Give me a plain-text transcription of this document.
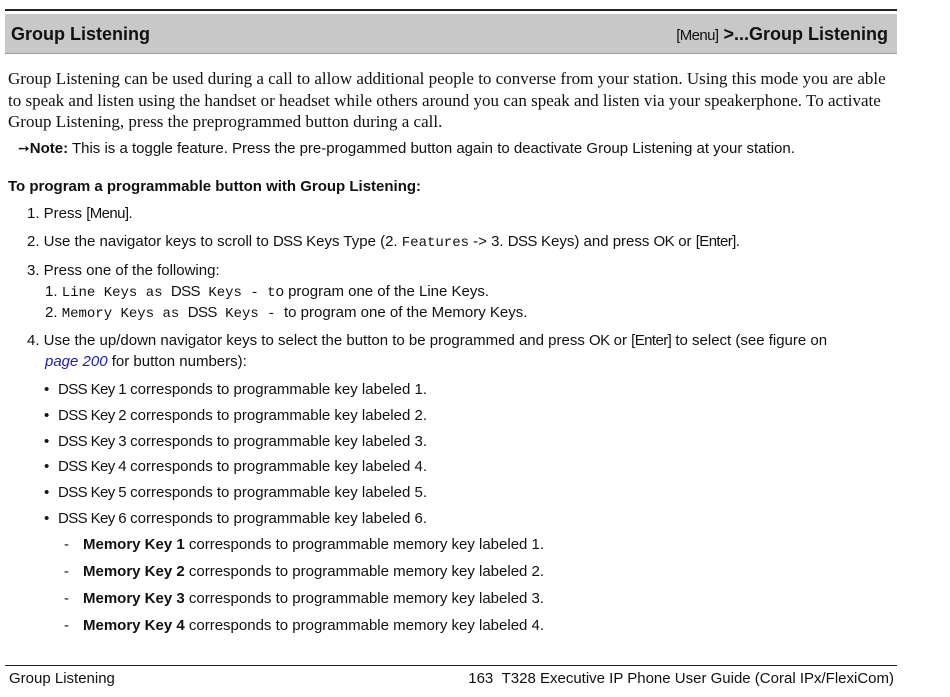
Group Listening	[Menu] >...Group Listening
Group Listening can be used during a call to allow additional people to converse from your station. Using this mode you are able to speak and listen using the handset or headset while others around you can speak and listen via your speakerphone. To activate Group Listening, press the preprogrammed button during a call.
➙ Note: This is a toggle feature. Press the pre-progammed button again to deactivate Group Listening at your station.
To program a programmable button with Group Listening:
1. Press [Menu].
2. Use the navigator keys to scroll to DSS Keys Type (2. Features -> 3. DSS Keys) and press OK or [Enter].
3. Press one of the following:
1. Line Keys as DSS Keys - to program one of the Line Keys.
2. Memory Keys as DSS Keys - to program one of the Memory Keys.
4. Use the up/down navigator keys to select the button to be programmed and press OK or [Enter] to select (see figure on
page 200 for button numbers):
• DSS Key 1 corresponds to programmable key labeled 1.
• DSS Key 2 corresponds to programmable key labeled 2.
• DSS Key 3 corresponds to programmable key labeled 3.
• DSS Key 4 corresponds to programmable key labeled 4.
• DSS Key 5 corresponds to programmable key labeled 5.
• DSS Key 6 corresponds to programmable key labeled 6.
- Memory Key 1 corresponds to programmable memory key labeled 1.
- Memory Key 2 corresponds to programmable memory key labeled 2.
- Memory Key 3 corresponds to programmable memory key labeled 3.
- Memory Key 4 corresponds to programmable memory key labeled 4.
Group Listening	163 T328 Executive IP Phone User Guide (Coral IPx/FlexiCom)
